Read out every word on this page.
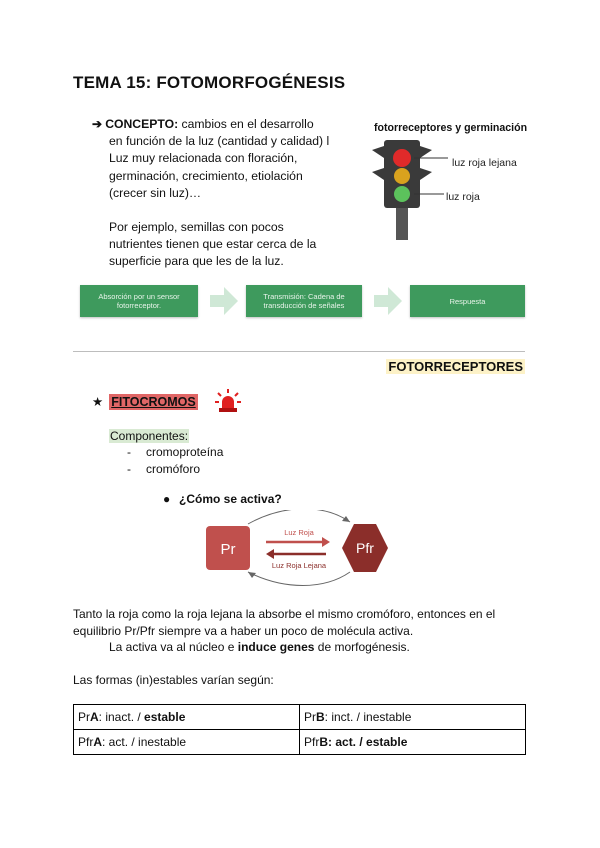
TEMA 15: FOTOMORFOGÉNESIS

➔ CONCEPTO: cambios en el desarrollo

en función de la luz (cantidad y calidad) l
Luz muy relacionada con floración,
germinación, crecimiento, etiolación
(crecer sin luz)…
Por ejemplo, semillas con pocos
nutrientes tienen que estar cerca de la
superficie para que les de la luz.
fotorreceptores y germinación
luz roja lejana
luz roja
Absorción por un sensor
fotorreceptor.
Transmisión: Cadena de
transducción de señales	Respuesta
FOTORRECEPTORES
★ FITOCROMOS
Componentes:
- cromoproteína
- cromóforo
● ¿Cómo se activa?
Pr	Pfr
Luz Roja
Luz Roja Lejana

Tanto la roja como la roja lejana la absorbe el mismo cromóforo, entonces en el

equilibrio Pr/Pfr siempre va a haber un poco de molécula activa.

La activa va al núcleo e induce genes de morfogénesis.

Las formas (in)estables varían según:
PrA: inact. / estable	PrB: inct. / inestable
PfrA: act. / inestable	PfrB: act. / estable
